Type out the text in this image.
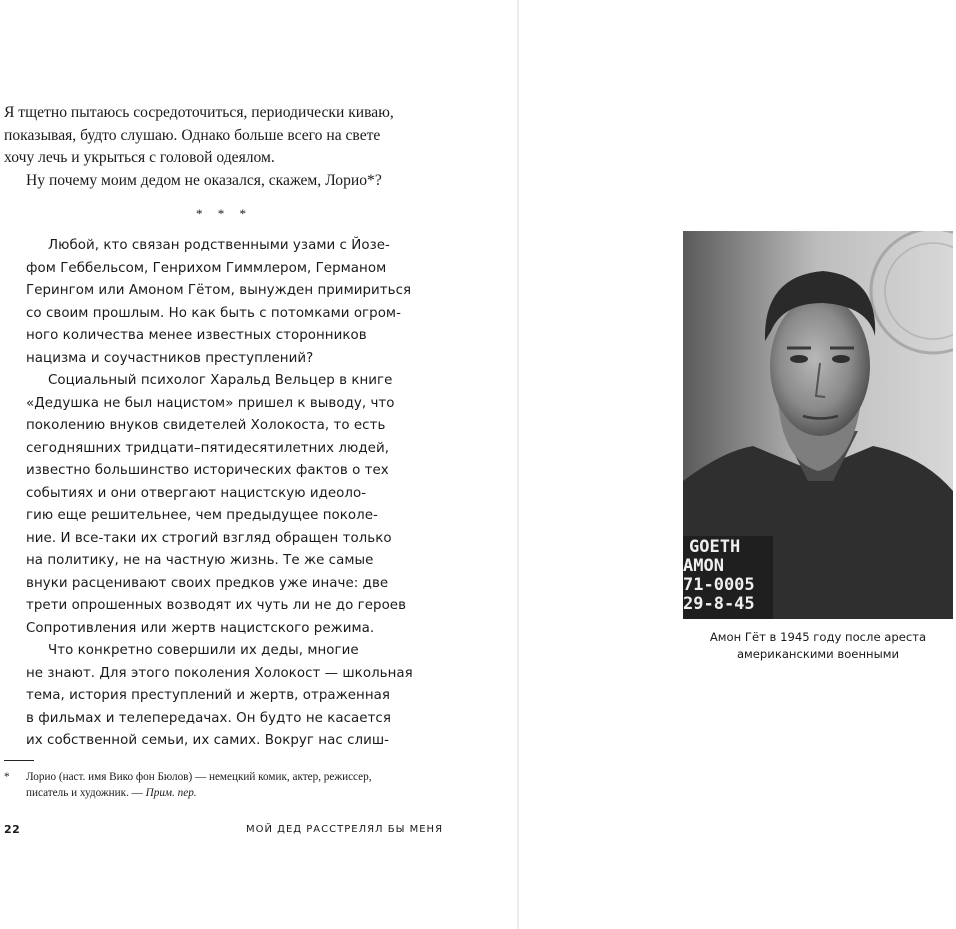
Я тщетно пытаюсь сосредоточиться, периодически киваю,
показывая, будто слушаю. Однако больше всего на свете
хочу лечь и укрыться с головой одеялом.
Ну почему моим дедом не оказался, скажем, Лорио*?
* * *
Любой, кто связан родственными узами с Йозе-
фом Геббельсом, Генрихом Гиммлером, Германом
Герингом или Амоном Гётом, вынужден примириться
со своим прошлым. Но как быть с потомками огром-
ного количества менее известных сторонников
нацизма и соучастников преступлений?
Социальный психолог Харальд Вельцер в книге
«Дедушка не был нацистом» пришел к выводу, что
поколению внуков свидетелей Холокоста, то есть
сегодняшних тридцати–пятидесятилетних людей,
известно большинство исторических фактов о тех
событиях и они отвергают нацистскую идеоло-
гию еще решительнее, чем предыдущее поколе-
ние. И все-таки их строгий взгляд обращен только
на политику, не на частную жизнь. Те же самые
внуки расценивают своих предков уже иначе: две
трети опрошенных возводят их чуть ли не до героев
Сопротивления или жертв нацистского режима.
Что конкретно совершили их деды, многие
не знают. Для этого поколения Холокост — школьная
тема, история преступлений и жертв, отраженная
в фильмах и телепередачах. Он будто не касается
их собственной семьи, их самих. Вокруг нас слиш-
* Лорио (наст. имя Вико фон Бюлов) — немецкий комик, актер, режиссер,
писатель и художник. — Прим. пер.
22	МОЙ ДЕД РАССТРЕЛЯЛ БЫ МЕНЯ
GOETH
AMON
71-0005
29-8-45
Амон Гёт в 1945 году после ареста
американскими военными
